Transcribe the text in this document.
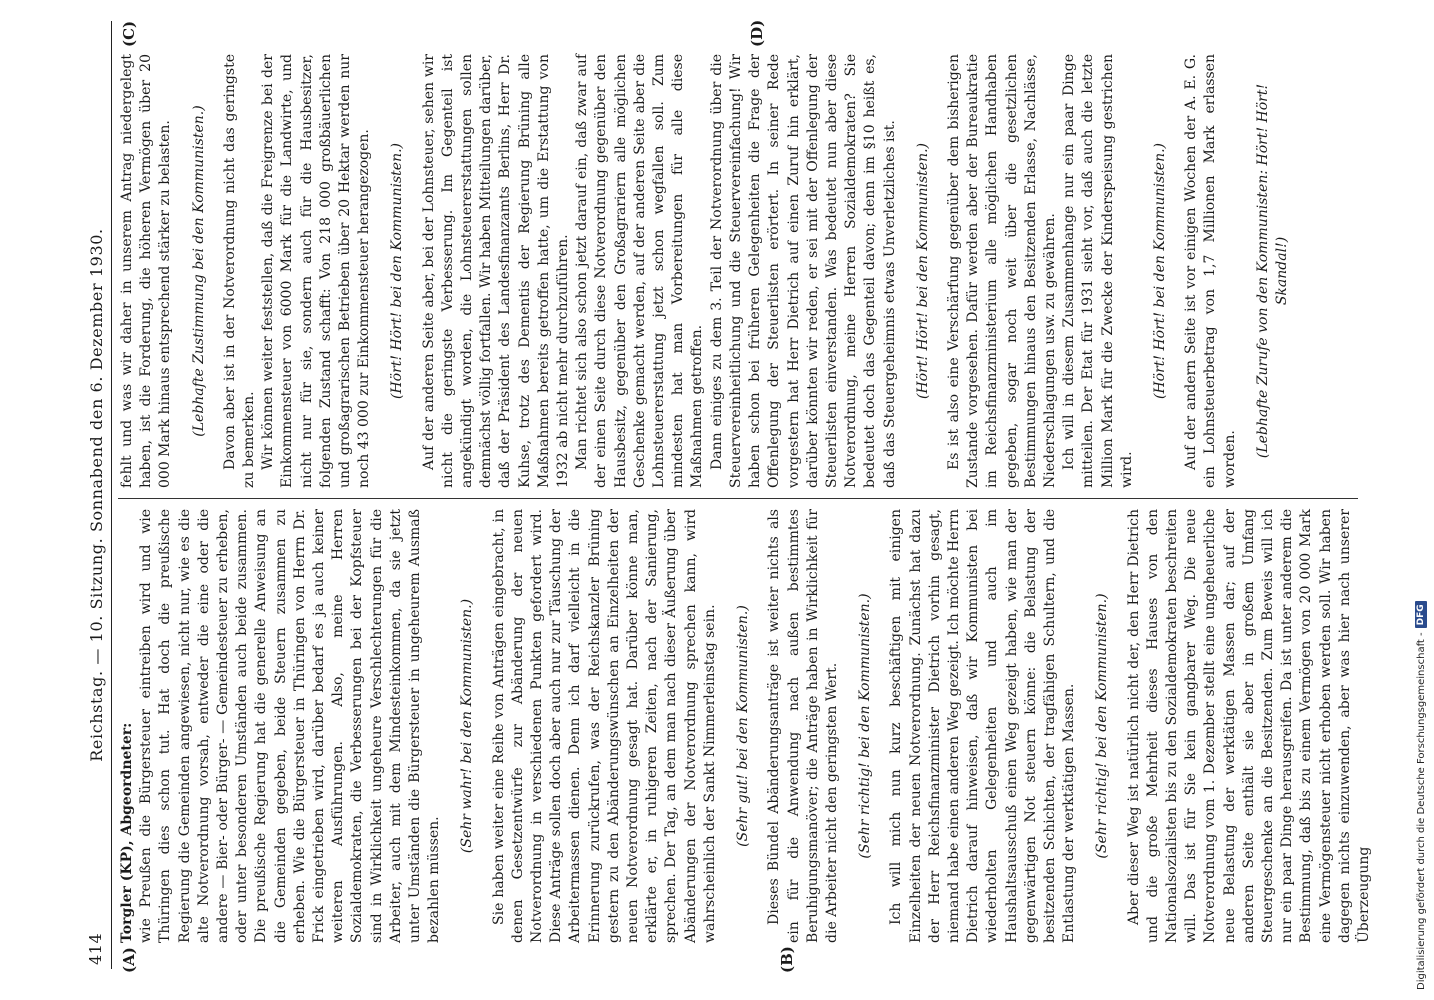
414
Reichstag. — 10. Sitzung. Sonnabend den 6. Dezember 1930.
(A)	(B)
(C)	(D)

Torgler (KP), Abgeordneter: wie Preußen die Bürgersteuer eintreiben wird und wie Thüringen dies schon tut. Hat doch die preußische Regierung die Gemeinden angewiesen, nicht nur, wie es die alte Notverordnung vorsah, entweder die eine oder die andere — Bier- oder Bürger- — Gemeindesteuer zu erheben, oder unter besonderen Umständen auch beide zusammen. Die preußische Regierung hat die generelle Anweisung an die Gemeinden gegeben, beide Steuern zusammen zu erheben. Wie die Bürgersteuer in Thüringen von Herrn Dr. Frick eingetrieben wird, darüber bedarf es ja auch keiner weiteren Ausführungen. Also, meine Herren Sozialdemokraten, die Verbesserungen bei der Kopfsteuer sind in Wirklichkeit ungeheure Verschlechterungen für die Arbeiter, auch mit dem Mindesteinkommen, da sie jetzt unter Umständen die Bürgersteuer in ungeheurem Ausmaß bezahlen müssen.

(Sehr wahr! bei den Kommunisten.) Sie haben weiter eine Reihe von Anträgen eingebracht, in denen Gesetzentwürfe zur Abänderung der neuen Notverordnung in verschiedenen Punkten gefordert wird. Diese Anträge sollen doch aber auch nur zur Täuschung der Arbeitermassen dienen. Denn ich darf vielleicht in die Erinnerung zurückrufen, was der Reichskanzler Brüning gestern zu den Abänderungswünschen an Einzelheiten der neuen Notverordnung gesagt hat. Darüber könne man, erklärte er, in ruhigeren Zeiten, nach der Sanierung, sprechen. Der Tag, an dem man nach dieser Äußerung über Abänderungen der Notverordnung sprechen kann, wird wahrscheinlich der Sankt Nimmerleinstag sein. (Sehr gut! bei den Kommunisten.) Dieses Bündel Abänderungsanträge ist weiter nichts als ein für die Anwendung nach außen bestimmtes Beruhigungsmanöver; die Anträge haben in Wirklichkeit für die Arbeiter nicht den geringsten Wert. (Sehr richtig! bei den Kommunisten.) Ich will mich nun kurz beschäftigen mit einigen Einzelheiten der neuen Notverordnung. Zunächst hat dazu der Herr Reichsfinanzminister Dietrich vorhin gesagt, niemand habe einen anderen Weg gezeigt. Ich möchte Herrn Dietrich darauf hinweisen, daß wir Kommunisten bei wiederholten Gelegenheiten und auch im Haushaltsausschuß einen Weg gezeigt haben, wie man der gegenwärtigen Not steuern könne: die Belastung der besitzenden Schichten, der tragfähigen Schultern, und die Entlastung der werktätigen Massen. (Sehr richtig! bei den Kommunisten.) Aber dieser Weg ist natürlich nicht der, den Herr Dietrich und die große Mehrheit dieses Hauses von den Nationalsozialisten bis zu den Sozialdemokraten beschreiten will. Das ist für Sie kein gangbarer Weg. Die neue Notverordnung vom 1. Dezember stellt eine ungeheuerliche neue Belastung der werktätigen Massen dar; auf der anderen Seite enthält sie aber in großem Umfang Steuergeschenke an die Besitzenden. Zum Beweis will ich nur ein paar Dinge herausgreifen. Da ist unter anderem die Bestimmung, daß bis zu einem Vermögen von 20 000 Mark eine Vermögensteuer nicht erhoben werden soll. Wir haben dagegen nichts einzuwenden, aber was hier nach unserer Überzeugung

fehlt und was wir daher in unserem Antrag niedergelegt haben, ist die Forderung, die höheren Vermögen über 20 000 Mark hinaus entsprechend stärker zu belasten. (Lebhafte Zustimmung bei den Kommunisten.) Davon aber ist in der Notverordnung nicht das geringste zu bemerken. Wir können weiter feststellen, daß die Freigrenze bei der Einkommensteuer von 6000 Mark für die Landwirte, und nicht nur für sie, sondern auch für die Hausbesitzer, folgenden Zustand schafft: Von 218 000 großbäuerlichen und großagrarischen Betrieben über 20 Hektar werden nur noch 43 000 zur Einkommensteuer herangezogen. (Hört! Hört! bei den Kommunisten.) Auf der anderen Seite aber, bei der Lohnsteuer, sehen wir nicht die geringste Verbesserung. Im Gegenteil ist angekündigt worden, die Lohnsteuererstattungen sollen demnächst völlig fortfallen. Wir haben Mitteilungen darüber, daß der Präsident des Landesfinanzamts Berlins, Herr Dr. Kuhse, trotz des Dementis der Regierung Brüning alle Maßnahmen bereits getroffen hatte, um die Erstattung von 1932 ab nicht mehr durchzuführen. Man richtet sich also schon jetzt darauf ein, daß zwar auf der einen Seite durch diese Notverordnung gegenüber den Hausbesitz, gegenüber den Großagrariern alle möglichen Geschenke gemacht werden, auf der anderen Seite aber die Lohnsteuererstattung jetzt schon wegfallen soll. Zum mindesten hat man Vorbereitungen für alle diese Maßnahmen getroffen. Dann einiges zu dem 3. Teil der Notverordnung über die Steuervereinheitlichung und die Steuervereinfachung! Wir haben schon bei früheren Gelegenheiten die Frage der Offenlegung der Steuerlisten erörtert. In seiner Rede vorgestern hat Herr Dietrich auf einen Zuruf hin erklärt, darüber könnten wir reden, er sei mit der Offenlegung der Steuerlisten einverstanden. Was bedeutet nun aber diese Notverordnung, meine Herren Sozialdemokraten? Sie bedeutet doch das Gegenteil davon; denn im §10 heißt es, daß das Steuergeheimnis etwas Unverletzliches ist. (Hört! Hört! bei den Kommunisten.) Es ist also eine Verschärfung gegenüber dem bisherigen Zustande vorgesehen. Dafür werden aber der Bureaukratie im Reichsfinanzministerium alle möglichen Handhaben gegeben, sogar noch weit über die gesetzlichen Bestimmungen hinaus den Besitzenden Erlasse, Nachlässe, Niederschlagungen usw. zu gewähren. Ich will in diesem Zusammenhange nur ein paar Dinge mitteilen. Der Etat für 1931 sieht vor, daß auch die letzte Million Mark für die Zwecke der Kinderspeisung gestrichen wird.

(Hört! Hört! bei den Kommunisten.) Auf der andern Seite ist vor einigen Wochen der A. E. G. ein Lohnsteuerbetrag von 1,7 Millionen Mark erlassen worden.

(Lebhafte Zurufe von den Kommunisten: Hört! Hört! Skandal!)

Digitalisierung gefördert durch die Deutsche Forschungsgemeinschaft -
DFG
